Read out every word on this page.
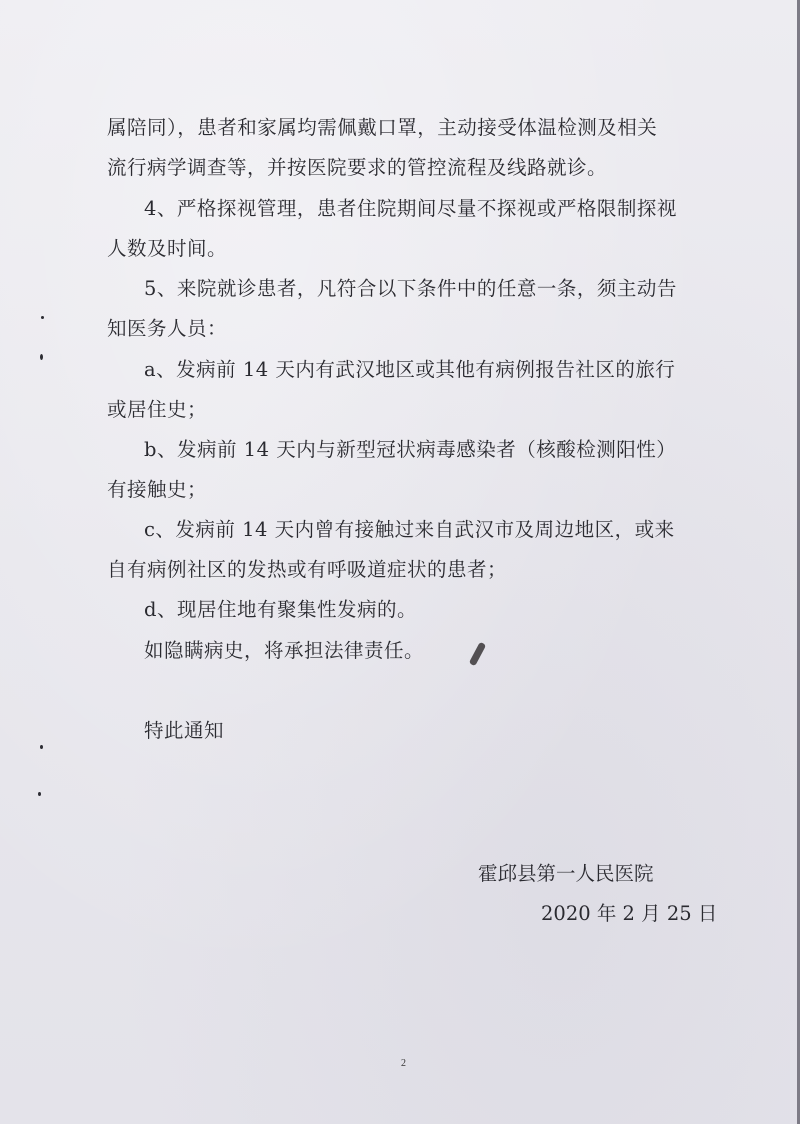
属陪同），患者和家属均需佩戴口罩，主动接受体温检测及相关
流行病学调查等，并按医院要求的管控流程及线路就诊。
4、严格探视管理，患者住院期间尽量不探视或严格限制探视
人数及时间。
5、来院就诊患者，凡符合以下条件中的任意一条，须主动告
知医务人员：
a、发病前 14 天内有武汉地区或其他有病例报告社区的旅行
或居住史；
b、发病前 14 天内与新型冠状病毒感染者（核酸检测阳性）
有接触史；
c、发病前 14 天内曾有接触过来自武汉市及周边地区，或来
自有病例社区的发热或有呼吸道症状的患者；
d、现居住地有聚集性发病的。
如隐瞒病史，将承担法律责任。
特此通知
霍邱县第一人民医院
2020 年 2 月 25 日
2
